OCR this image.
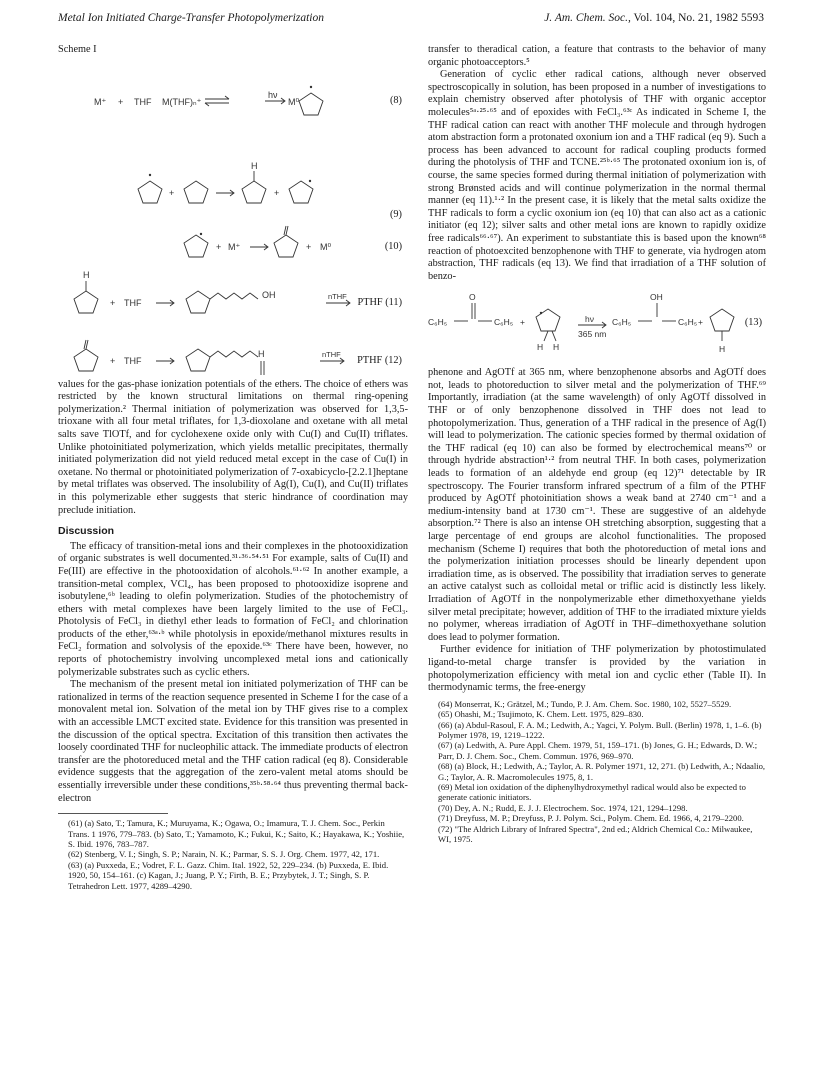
Metal Ion Initiated Charge-Transfer Photopolymerization	J. Am. Chem. Soc., Vol. 104, No. 21, 1982 5593
Scheme I
M⁺ + THF M(THF)ₙ⁺
hν
M⁰	(8)
+
H
+
(9)
+ M⁺	+ M⁰	(10)
H
+ THF
OH	nTHF
PTHF (11)
+ THF
H	nTHF
PTHF (12)

values for the gas-phase ionization potentials of the ethers. The choice of ethers was restricted by the known structural limitations on thermal ring-opening polymerization.² Thermal initiation of polymerization was observed for 1,3,5-trioxane with all four metal triflates, for 1,3-dioxolane and oxetane with all metal salts save TlOTf, and for cyclohexene oxide only with Cu(I) and Cu(II) triflates. Unlike photoinitiated polymerization, which yields metallic precipitates, thermally initiated polymerization did not yield reduced metal except in the case of Cu(I) in oxetane. No thermal or photoinitiated polymerization of 7-oxabicyclo-[2.2.1]heptane by metal triflates was observed. The insolubility of Ag(I), Cu(I), and Cu(II) triflates in this polymerizable ether suggests that steric hindrance of coordination may preclude initiation.

Discussion

The efficacy of transition-metal ions and their complexes in the photooxidization of organic substrates is well documented.³¹·³⁶·⁵⁴·⁵¹ For example, salts of Cu(II) and Fe(III) are effective in the photooxidation of alcohols.⁶¹·⁶² In another example, a transition-metal complex, VCl₄, has been proposed to photooxidize isoprene and isobutylene,⁶ᵇ leading to olefin polymerization. Studies of the photochemistry of ethers with metal complexes have been largely limited to the use of FeCl₃. Photolysis of FeCl₃ in diethyl ether leads to formation of FeCl₂ and chlorination products of the ether,⁶³ᵃ·ᵇ while photolysis in epoxide/methanol mixtures results in FeCl₂ formation and solvolysis of the epoxide.⁶³ᶜ There have been, however, no reports of photochemistry involving uncomplexed metal ions and cationically polymerizable substrates such as cyclic ethers.

The mechanism of the present metal ion initiated polymerization of THF can be rationalized in terms of the reaction sequence presented in Scheme I for the case of a monovalent metal ion. Solvation of the metal ion by THF gives rise to a complex with an accessible LMCT excited state. Evidence for this transition was presented in the discussion of the optical spectra. Excitation of this transition then activates the loosely coordinated THF for nucleophilic attack. The immediate products of electron transfer are the photoreduced metal and the THF cation radical (eq 8). Considerable evidence suggests that the aggregation of the zero-valent metal atoms should be essentially irreversible under these conditions,³⁵ᵇ·⁵⁸·⁶⁴ thus preventing thermal back-electron

(61) (a) Sato, T.; Tamura, K.; Muruyama, K.; Ogawa, O.; Imamura, T. J. Chem. Soc., Perkin Trans. 1 1976, 779–783. (b) Sato, T.; Yamamoto, K.; Fukui, K.; Saito, K.; Hayakawa, K.; Yoshiie, S. Ibid. 1976, 783–787.
(62) Stenberg, V. I.; Singh, S. P.; Narain, N. K.; Parmar, S. S. J. Org. Chem. 1977, 42, 171.
(63) (a) Puxxeda, E.; Vodret, F. L. Gazz. Chim. Ital. 1922, 52, 229–234. (b) Puxxeda, E. Ibid. 1920, 50, 154–161. (c) Kagan, J.; Juang, P. Y.; Firth, B. E.; Przybytek, J. T.; Singh, S. P. Tetrahedron Lett. 1977, 4289–4290.

transfer to theradical cation, a feature that contrasts to the behavior of many organic photoacceptors.⁵

Generation of cyclic ether radical cations, although never observed spectroscopically in solution, has been proposed in a number of investigations to explain chemistry observed after photolysis of THF with organic acceptor molecules⁵ᵃ·²⁵·⁶⁵ and of epoxides with FeCl₃.⁶³ᶜ As indicated in Scheme I, the THF radical cation can react with another THF molecule and through hydrogen atom abstraction form a protonated oxonium ion and a THF radical (eq 9). Such a process has been advanced to account for radical coupling products formed during the photolysis of THF and TCNE.²⁵ᵇ·⁶⁵ The protonated oxonium ion is, of course, the same species formed during thermal initiation of polymerization with strong Brønsted acids and will continue polymerization in the normal thermal manner (eq 11).¹·² In the present case, it is likely that the metal salts oxidize the THF radicals to form a cyclic oxonium ion (eq 10) that can also act as a cationic initiator (eq 12); silver salts and other metal ions are known to rapidly oxidize free radicals⁶⁶·⁶⁷). An experiment to substantiate this is based upon the known⁶⁸ reaction of photoexcited benzophenone with THF to generate, via hydrogen atom abstraction, THF radicals (eq 13). We find that irradiation of a THF solution of benzo-

C₆H₅
O
C₆H₅ +
H H
hν
365 nm
C₆H₅
OH
C₆H₅ +
H
(13)

phenone and AgOTf at 365 nm, where benzophenone absorbs and AgOTf does not, leads to photoreduction to silver metal and the polymerization of THF.⁶⁹ Importantly, irradiation (at the same wavelength) of only AgOTf dissolved in THF or of only benzophenone dissolved in THF does not lead to photopolymerization. Thus, generation of a THF radical in the presence of Ag(I) will lead to polymerization. The cationic species formed by thermal oxidation of the THF radical (eq 10) can also be formed by electrochemical means⁷⁰ or through hydride abstraction¹·² from neutral THF. In both cases, polymerization leads to formation of an aldehyde end group (eq 12)⁷¹ detectable by IR spectroscopy. The Fourier transform infrared spectrum of a film of the PTHF produced by AgOTf photoinitiation shows a weak band at 2740 cm⁻¹ and a medium-intensity band at 1730 cm⁻¹. These are suggestive of an aldehyde absorption.⁷² There is also an intense OH stretching absorption, suggesting that a large percentage of end groups are alcohol functionalities. The proposed mechanism (Scheme I) requires that both the photoreduction of metal ions and the polymerization initiation processes should be linearly dependent upon irradiation time, as is observed. The possibility that irradiation serves to generate an active catalyst such as colloidal metal or triflic acid is distinctly less likely. Irradiation of AgOTf in the nonpolymerizable ether dimethoxyethane yields silver metal precipitate; however, addition of THF to the irradiated mixture yields no polymer, whereas irradiation of AgOTf in THF–dimethoxyethane solution does lead to polymer formation.

Further evidence for initiation of THF polymerization by photostimulated ligand-to-metal charge transfer is provided by the variation in photopolymerization efficiency with metal ion and cyclic ether (Table II). In thermodynamic terms, the free-energy

(64) Monserrat, K.; Grätzel, M.; Tundo, P. J. Am. Chem. Soc. 1980, 102, 5527–5529.
(65) Ohashi, M.; Tsujimoto, K. Chem. Lett. 1975, 829–830.
(66) (a) Abdul-Rasoul, F. A. M.; Ledwith, A.; Yagci, Y. Polym. Bull. (Berlin) 1978, 1, 1–6. (b) Polymer 1978, 19, 1219–1222.
(67) (a) Ledwith, A. Pure Appl. Chem. 1979, 51, 159–171. (b) Jones, G. H.; Edwards, D. W.; Parr, D. J. Chem. Soc., Chem. Commun. 1976, 969–970.
(68) (a) Block, H.; Ledwith, A.; Taylor, A. R. Polymer 1971, 12, 271. (b) Ledwith, A.; Ndaalio, G.; Taylor, A. R. Macromolecules 1975, 8, 1.
(69) Metal ion oxidation of the diphenylhydroxymethyl radical would also be expected to generate cationic initiators.
(70) Dey, A. N.; Rudd, E. J. J. Electrochem. Soc. 1974, 121, 1294–1298.
(71) Dreyfuss, M. P.; Dreyfuss, P. J. Polym. Sci., Polym. Chem. Ed. 1966, 4, 2179–2200.
(72) "The Aldrich Library of Infrared Spectra", 2nd ed.; Aldrich Chemical Co.: Milwaukee, WI, 1975.
